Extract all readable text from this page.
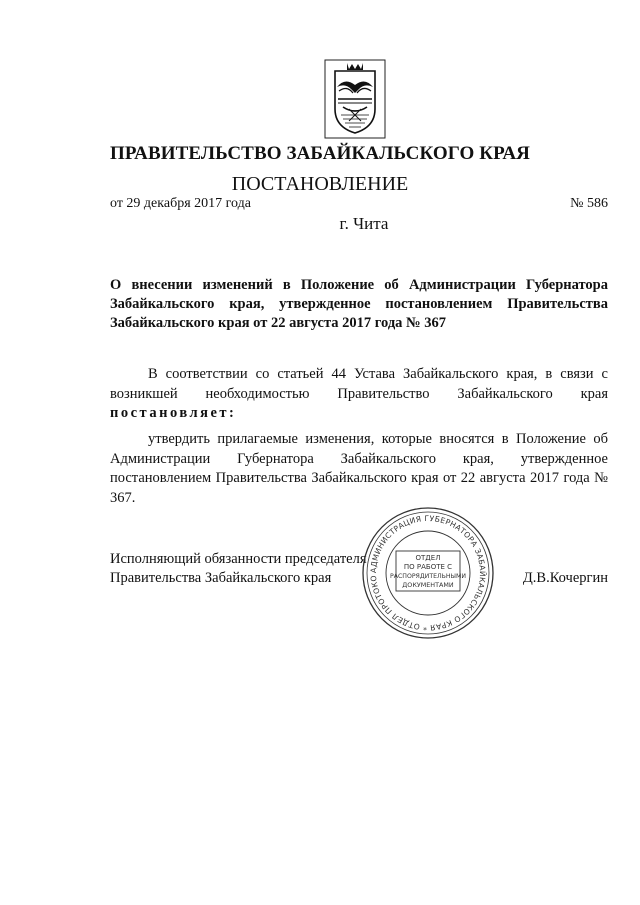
ПРАВИТЕЛЬСТВО ЗАБАЙКАЛЬСКОГО КРАЯ
ПОСТАНОВЛЕНИЕ
от 29 декабря 2017 года	№ 586
г. Чита
О внесении изменений в Положение об Администрации Губернатора Забайкальского края, утвержденное постановлением Правительства Забайкальского края от 22 августа 2017 года № 367
В соответствии со статьей 44 Устава Забайкальского края, в связи с возникшей необходимостью Правительство Забайкальского края постановляет:
утвердить прилагаемые изменения, которые вносятся в Положение об Администрации Губернатора Забайкальского края, утвержденное постановлением Правительства Забайкальского края от 22 августа 2017 года № 367.
Исполняющий обязанности председателя
Правительства Забайкальского края	Д.В.Кочергин
АДМИНИСТРАЦИЯ ГУБЕРНАТОРА ЗАБАЙКАЛЬСКОГО КРАЯ * ОТДЕЛ ПРОТОКО
ОТДЕЛ
ПО РАБОТЕ С
РАСПОРЯДИТЕЛЬНЫМИ
ДОКУМЕНТАМИ
